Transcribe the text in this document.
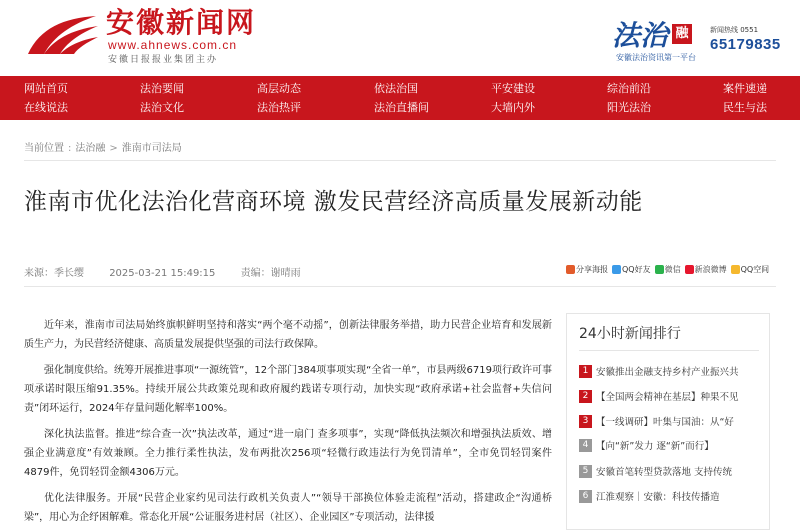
安徽新闻网
www.ahnews.com.cn
安徽日报报业集团主办
法治 融
安徽法治资讯第一平台
新闻热线 0551
65179835
网站首页	法治要闻	高层动态	依法治国	平安建设	综治前沿	案件速递
在线说法	法治文化	法治热评	法治直播间	大墙内外	阳光法治	民生与法
当前位置 : 法治融 > 淮南市司法局
淮南市优化法治化营商环境 激发民营经济高质量发展新动能
来源：季长缨	2025-03-21 15:49:15	责编：谢晴雨	分享海报 QQ好友 微信 新浪微博 QQ空间

近年来，淮南市司法局始终旗帜鲜明坚持和落实“两个毫不动摇”，创新法律服务举措，助力民营企业培育和发展新质生产力，为民营经济健康、高质量发展提供坚强的司法行政保障。

强化制度供给。统筹开展推进事项“一源统管”，12个部门384项事项实现“全省一单”，市县两级6719项行政许可事项承诺时限压缩91.35%。持续开展公共政策兑现和政府履约践诺专项行动，加快实现“政府承诺+社会监督+失信问责”闭环运行，2024年存量问题化解率100%。

深化执法监督。推进“综合查一次”执法改革，通过“进一扇门 查多项事”，实现“降低执法频次和增强执法质效、增强企业满意度”有效兼顾。全力推行柔性执法，发布两批次256项“轻微行政违法行为免罚清单”，全市免罚轻罚案件4879件，免罚轻罚金额4306万元。

优化法律服务。开展“民营企业家约见司法行政机关负责人”“领导干部换位体验走流程”活动，搭建政企“沟通桥梁”，用心为企纾困解难。常态化开展“公证服务进村居（社区）、企业园区”专项活动，法律援

24小时新闻排行
1 安徽推出金融支持乡村产业振兴共
2 【全国两会精神在基层】种果不见
3 【一线调研】叶集与国油：从“好
4 【向“新”发力 逐“新”而行】
5 安徽首笔转型贷款落地 支持传统
6 江淮观察｜安徽：科技传播造
